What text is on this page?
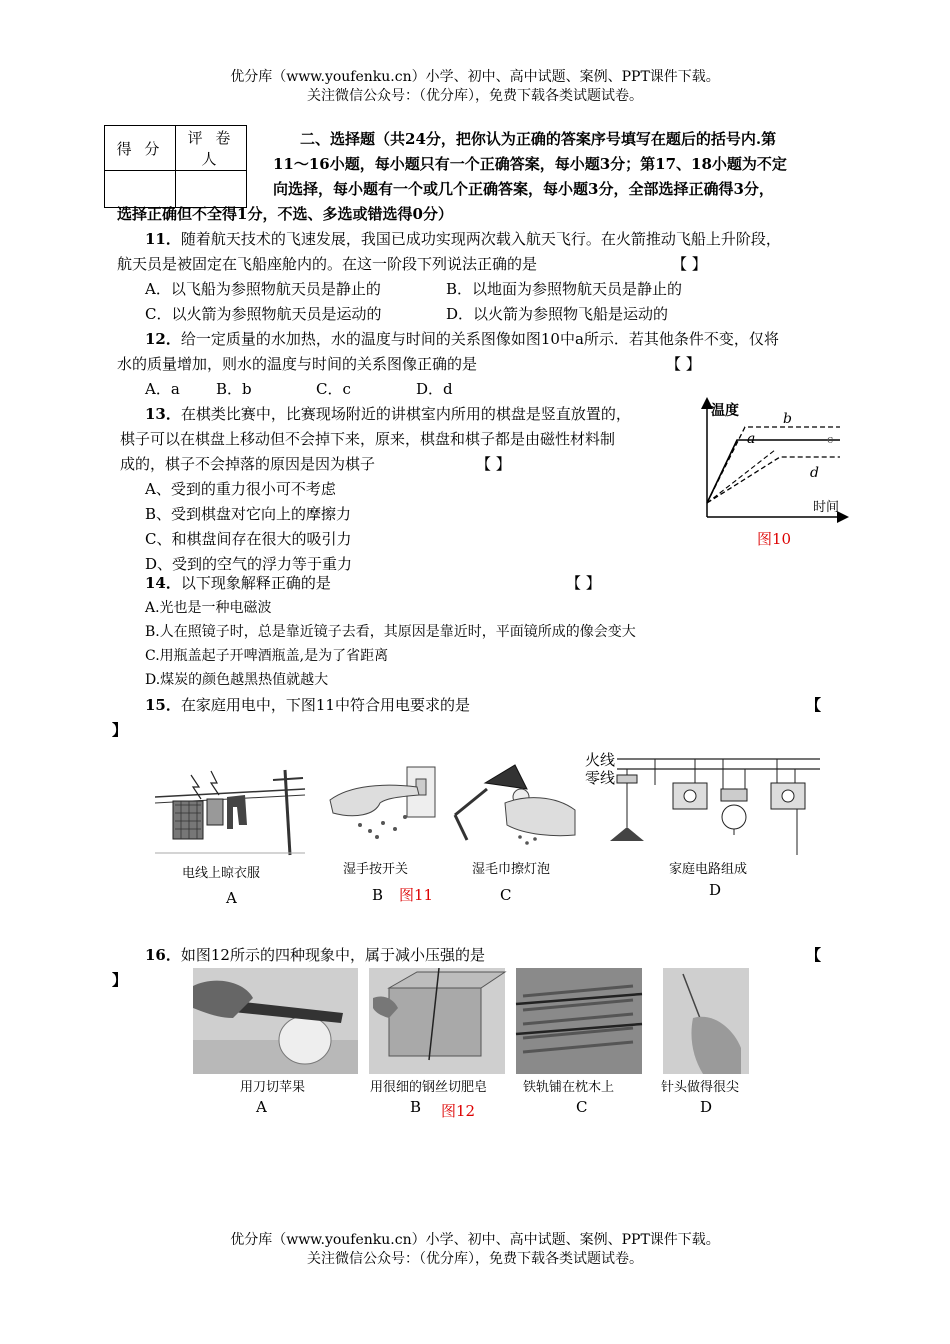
优分库（www.youfenku.cn）小学、初中、高中试题、案例、PPT课件下载。
关注微信公众号：（优分库），免费下载各类试题试卷。
得 分	评 卷 人

二、选择题（共24分，把你认为正确的答案序号填写在题后的括号内.第
11～16小题，每小题只有一个正确答案，每小题3分；第17、18小题为不定
向选择，每小题有一个或几个正确答案，每小题3分，全部选择正确得3分，
选择正确但不全得1分，不选、多选或错选得0分）
11．随着航天技术的飞速发展，我国已成功实现两次载入航天飞行。在火箭推动飞船上升阶段，
航天员是被固定在飞船座舱内的。在这一阶段下列说法正确的是	【 】
A．以飞船为参照物航天员是静止的	B．以地面为参照物航天员是静止的
C．以火箭为参照物航天员是运动的	D．以火箭为参照物飞船是运动的
12．给一定质量的水加热，水的温度与时间的关系图像如图10中a所示．若其他条件不变，仅将
水的质量增加，则水的温度与时间的关系图像正确的是	【 】
A．a B．b	C．c	D．d
13．在棋类比赛中，比赛现场附近的讲棋室内所用的棋盘是竖直放置的，
棋子可以在棋盘上移动但不会掉下来，原来，棋盘和棋子都是由磁性材料制
成的，棋子不会掉落的原因是因为棋子	【 】
A、受到的重力很小可不考虑
B、受到棋盘对它向上的摩擦力
C、和棋盘间存在很大的吸引力
D、受到的空气的浮力等于重力
温度
时间
b
a	c
d
图10
14．以下现象解释正确的是	【 】
A.光也是一种电磁波
B.人在照镜子时，总是靠近镜子去看，其原因是靠近时，平面镜所成的像会变大
C.用瓶盖起子开啤酒瓶盖,是为了省距离
D.煤炭的颜色越黑热值就越大
15．在家庭用电中，下图11中符合用电要求的是	【
】
火线
零线
电线上晾衣服	湿手按开关	湿毛巾擦灯泡	家庭电路组成
A	B 图11	C	D
16．如图12所示的四种现象中，属于减小压强的是	【
】
用刀切苹果	用很细的钢丝切肥皂	铁轨铺在枕木上	针头做得很尖
A	B 图12	C	D
优分库（www.youfenku.cn）小学、初中、高中试题、案例、PPT课件下载。
关注微信公众号：（优分库），免费下载各类试题试卷。
